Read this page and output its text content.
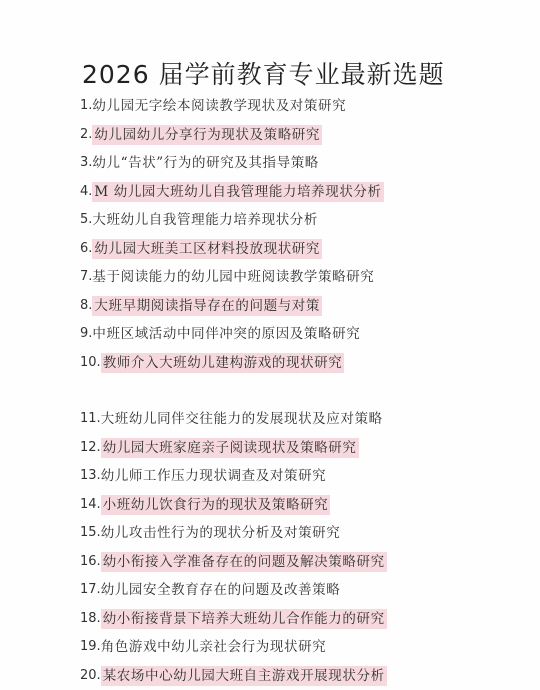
2026 届学前教育专业最新选题
1. 幼儿园无字绘本阅读教学现状及对策研究
2. 幼儿园幼儿分享行为现状及策略研究
3. 幼儿“告状”行为的研究及其指导策略
4. M 幼儿园大班幼儿自我管理能力培养现状分析
5. 大班幼儿自我管理能力培养现状分析
6. 幼儿园大班美工区材料投放现状研究
7. 基于阅读能力的幼儿园中班阅读教学策略研究
8. 大班早期阅读指导存在的问题与对策
9. 中班区域活动中同伴冲突的原因及策略研究
10. 教师介入大班幼儿建构游戏的现状研究
11. 大班幼儿同伴交往能力的发展现状及应对策略
12. 幼儿园大班家庭亲子阅读现状及策略研究
13. 幼儿师工作压力现状调查及对策研究
14. 小班幼儿饮食行为的现状及策略研究
15. 幼儿攻击性行为的现状分析及对策研究
16. 幼小衔接入学准备存在的问题及解决策略研究
17. 幼儿园安全教育存在的问题及改善策略
18. 幼小衔接背景下培养大班幼儿合作能力的研究
19. 角色游戏中幼儿亲社会行为现状研究
20. 某农场中心幼儿园大班自主游戏开展现状分析
